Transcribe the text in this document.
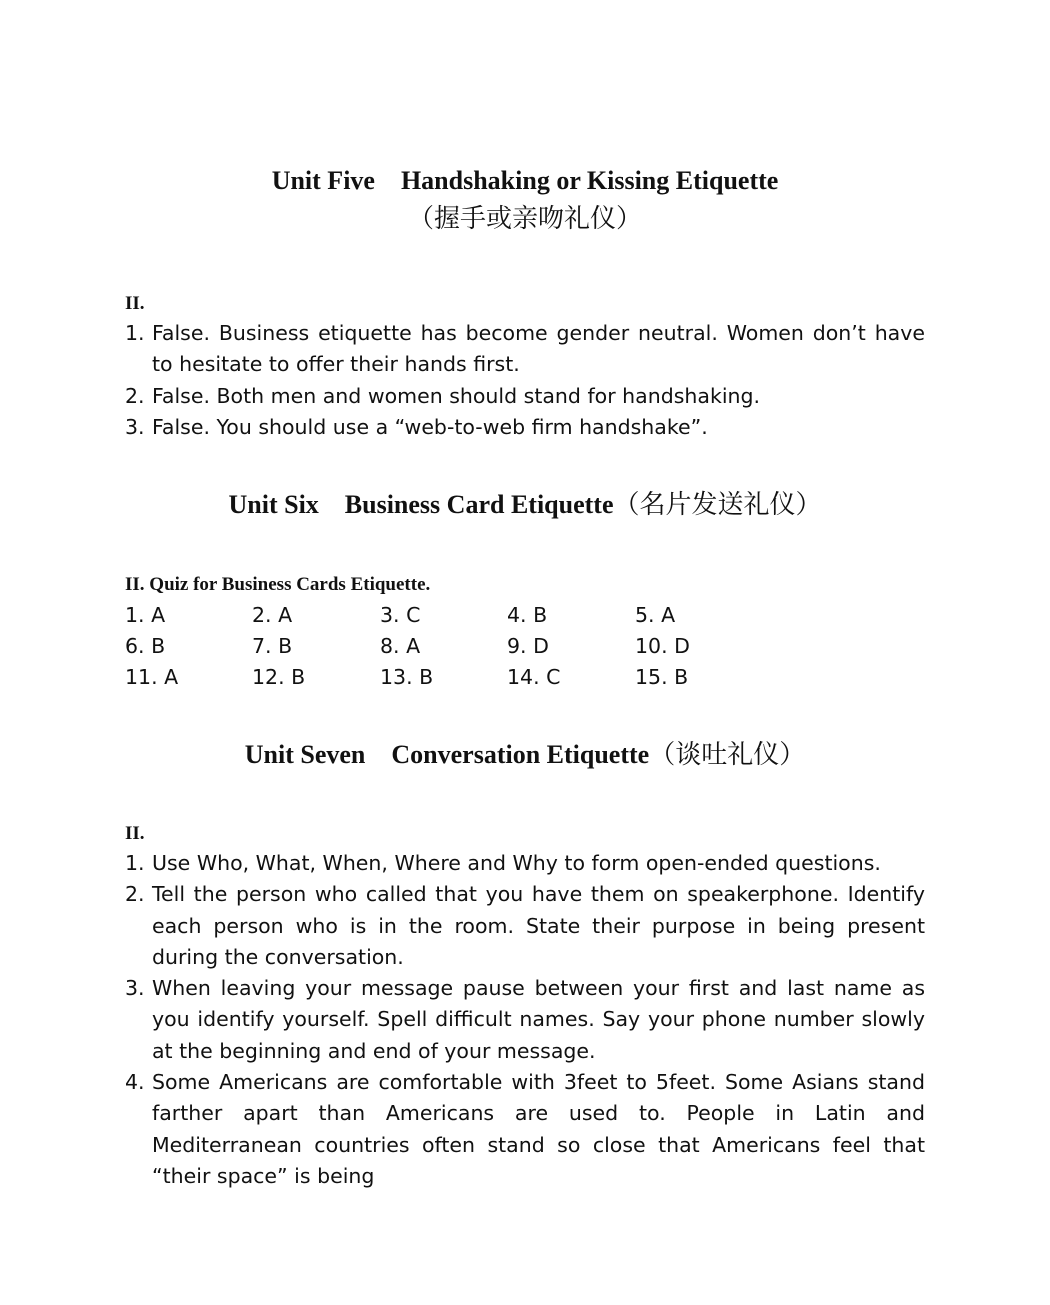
Unit Five    Handshaking or Kissing Etiquette
（握手或亲吻礼仪）

II.

1. False. Business etiquette has become gender neutral. Women don’t have to hesitate to offer their hands first.
2. False. Both men and women should stand for handshaking.
3. False. You should use a “web-to-web firm handshake”.
Unit Six    Business Card Etiquette（名片发送礼仪）

II. Quiz for Business Cards Etiquette.

1. A	2. A	3. C	4. B	5. A
6. B	7. B	8. A	9. D	10. D
11. A	12. B	13. B	14. C	15. B
Unit Seven    Conversation Etiquette（谈吐礼仪）

II.

1. Use Who, What, When, Where and Why to form open-ended questions.
2. Tell the person who called that you have them on speakerphone. Identify each person who is in the room. State their purpose in being present during the conversation.
3. When leaving your message pause between your first and last name as you identify yourself. Spell difficult names. Say your phone number slowly at the beginning and end of your message.
4. Some Americans are comfortable with 3feet to 5feet. Some Asians stand farther apart than Americans are used to. People in Latin and Mediterranean countries often stand so close that Americans feel that “their space” is being
